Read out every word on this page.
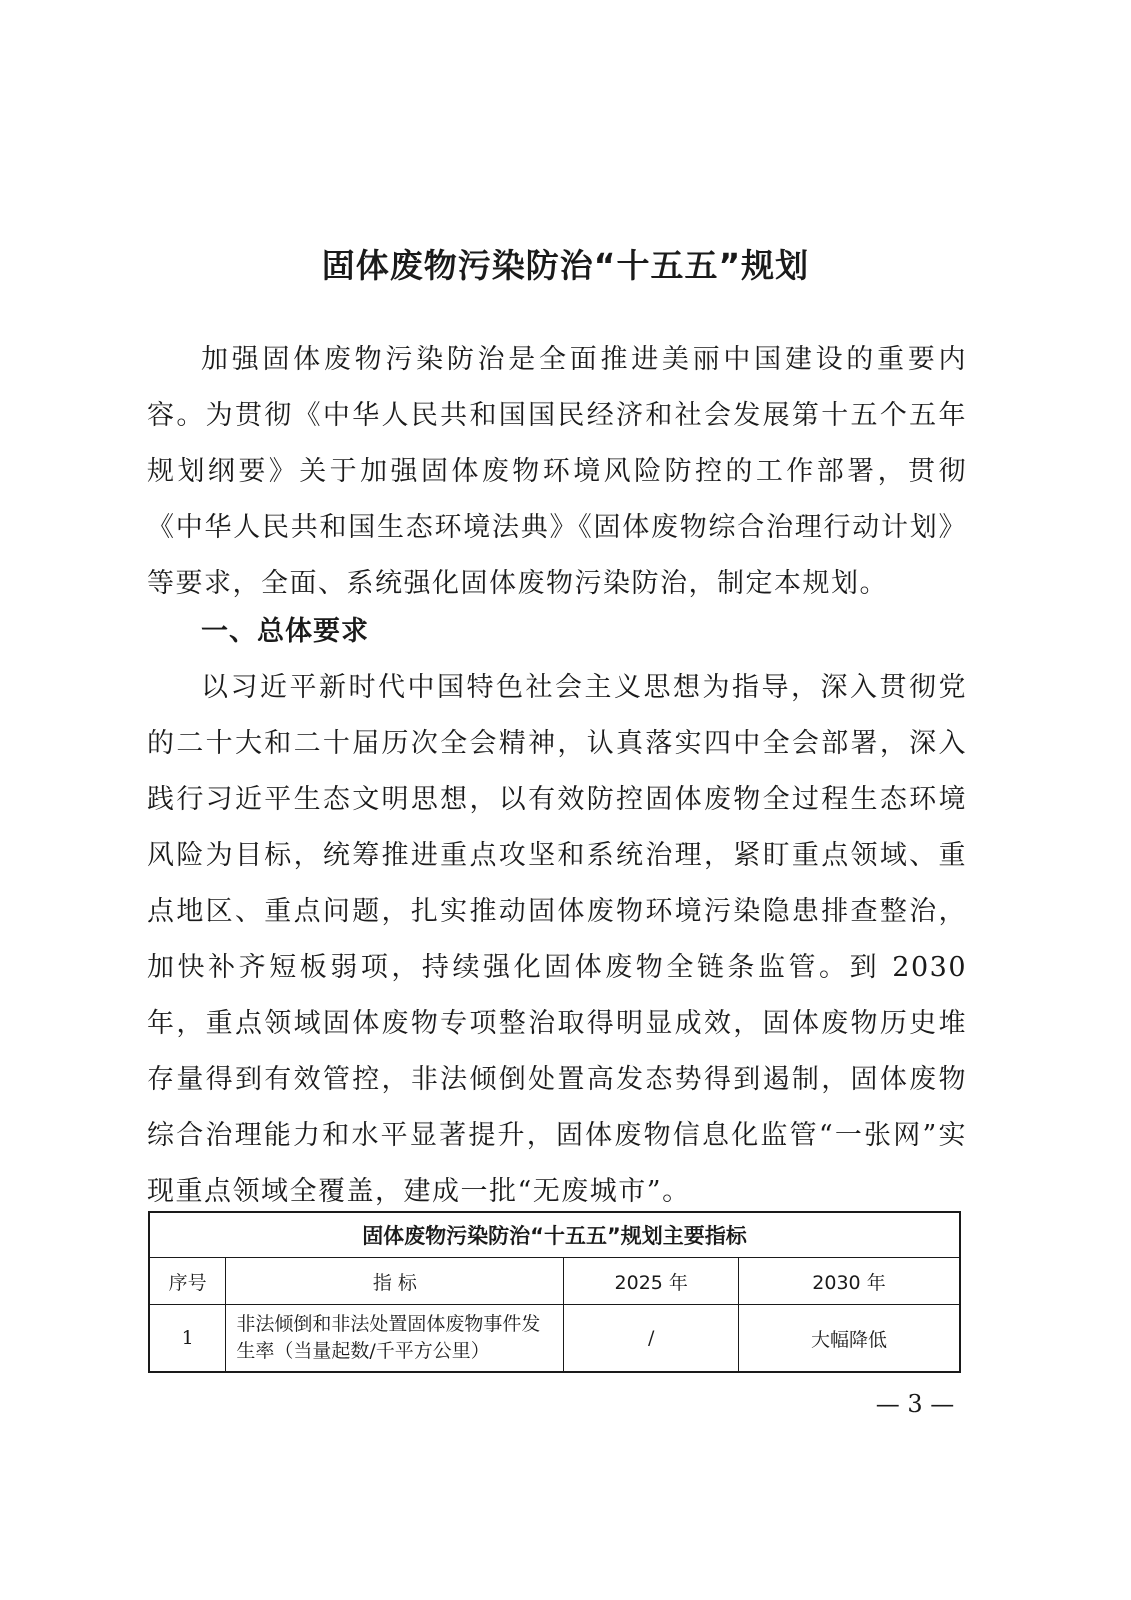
固体废物污染防治“十五五”规划

加强固体废物污染防治是全面推进美丽中国建设的重要内容。为贯彻《中华人民共和国国民经济和社会发展第十五个五年规划纲要》关于加强固体废物环境风险防控的工作部署，贯彻《中华人民共和国生态环境法典》《固体废物综合治理行动计划》等要求，全面、系统强化固体废物污染防治，制定本规划。

一、总体要求

以习近平新时代中国特色社会主义思想为指导，深入贯彻党的二十大和二十届历次全会精神，认真落实四中全会部署，深入践行习近平生态文明思想，以有效防控固体废物全过程生态环境风险为目标，统筹推进重点攻坚和系统治理，紧盯重点领域、重点地区、重点问题，扎实推动固体废物环境污染隐患排查整治，加快补齐短板弱项，持续强化固体废物全链条监管。到 2030 年，重点领域固体废物专项整治取得明显成效，固体废物历史堆存量得到有效管控，非法倾倒处置高发态势得到遏制，固体废物综合治理能力和水平显著提升，固体废物信息化监管“一张网”实现重点领域全覆盖，建成一批“无废城市”。

固体废物污染防治“十五五”规划主要指标			
序号	指 标	2025 年	2030 年
1	非法倾倒和非法处置固体废物事件发生率（当量起数/千平方公里）	/	大幅降低

— 3 —
